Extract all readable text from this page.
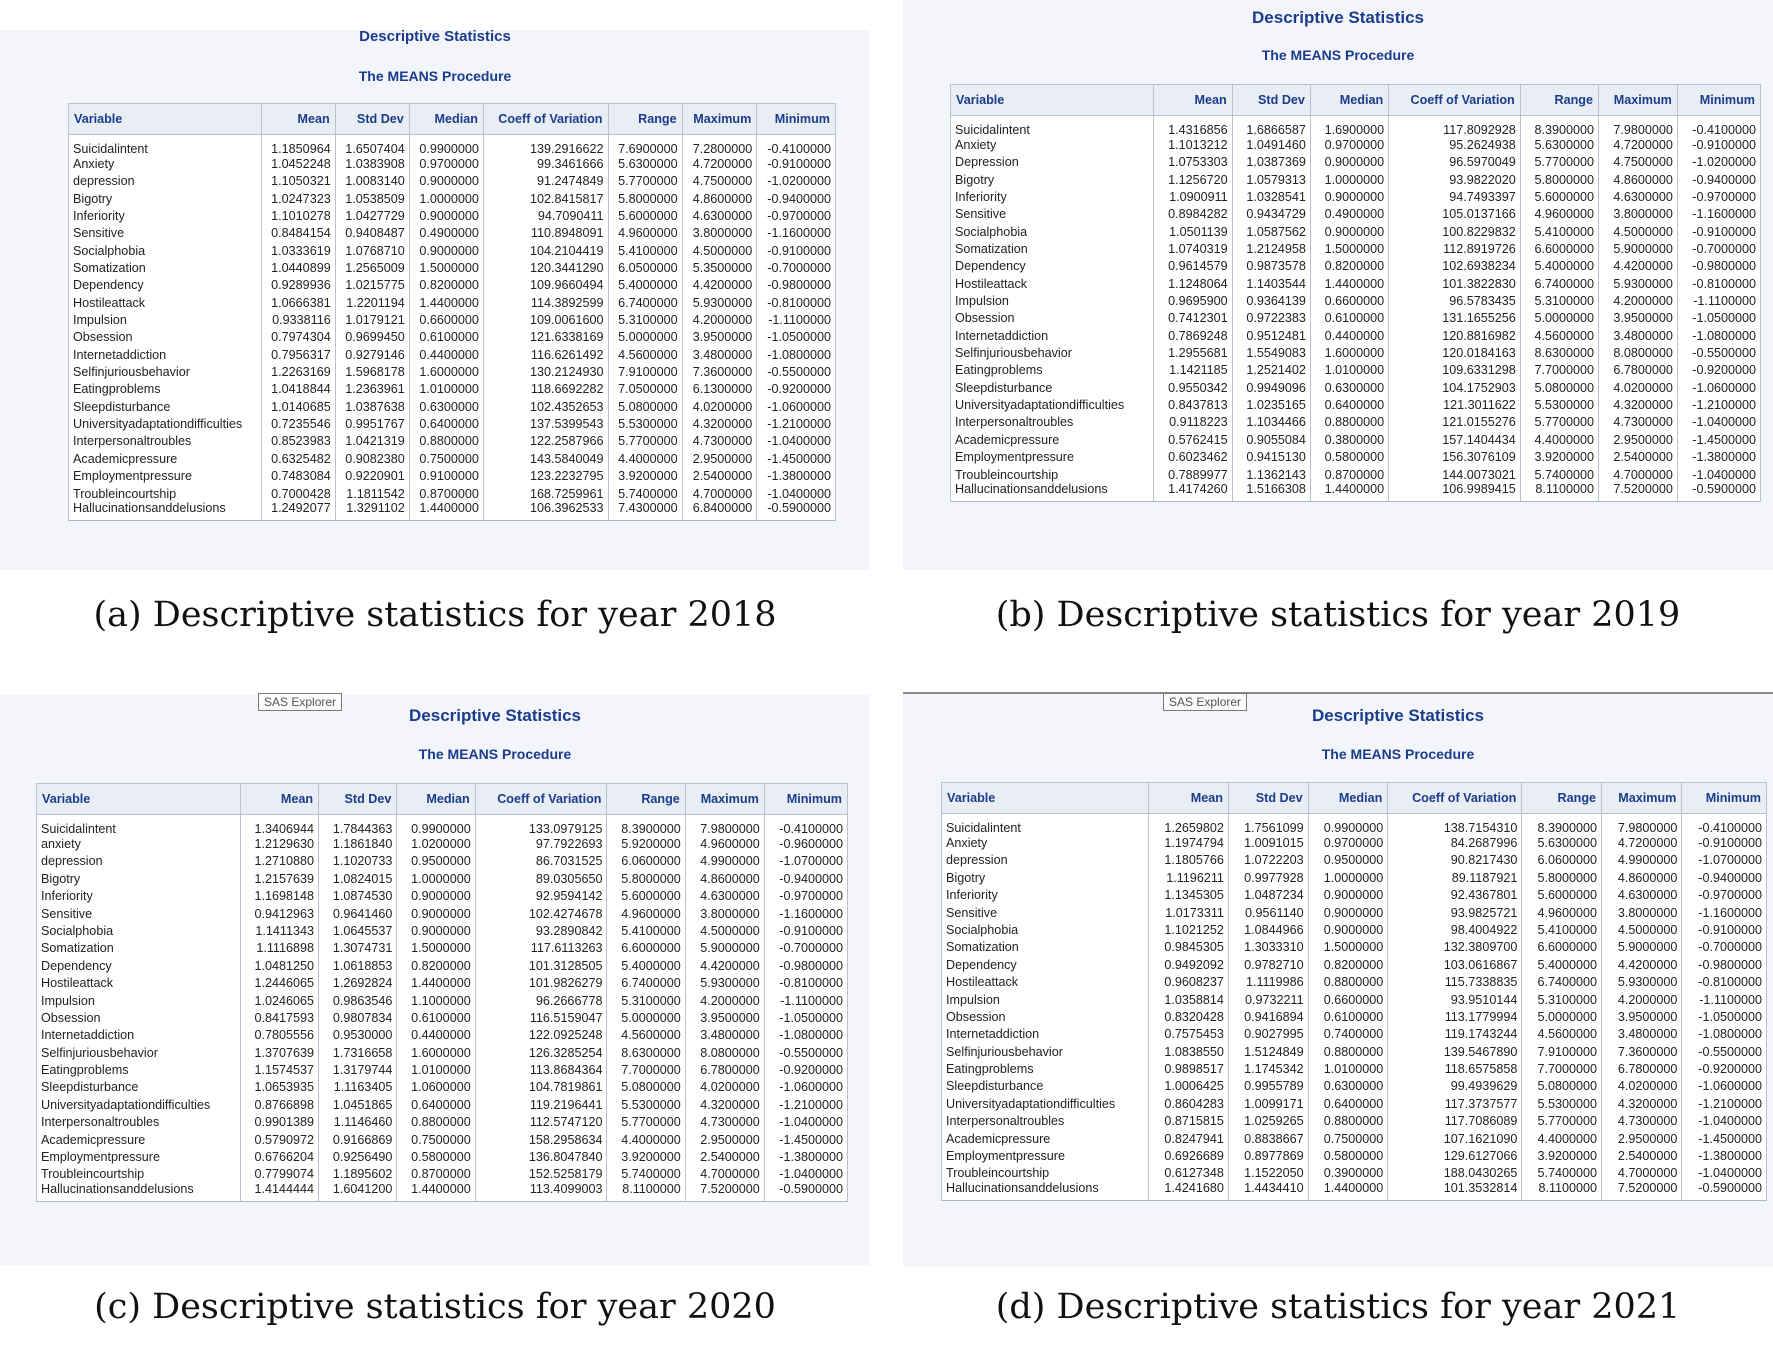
Descriptive Statistics
The MEANS Procedure
Variable	Mean	Std Dev	Median	Coeff of Variation	Range	Maximum	Minimum
Suicidalintent	1.1850964	1.6507404	0.9900000	139.2916622	7.6900000	7.2800000	-0.4100000
Anxiety	1.0452248	1.0383908	0.9700000	99.3461666	5.6300000	4.7200000	-0.9100000
depression	1.1050321	1.0083140	0.9000000	91.2474849	5.7700000	4.7500000	-1.0200000
Bigotry	1.0247323	1.0538509	1.0000000	102.8415817	5.8000000	4.8600000	-0.9400000
Inferiority	1.1010278	1.0427729	0.9000000	94.7090411	5.6000000	4.6300000	-0.9700000
Sensitive	0.8484154	0.9408487	0.4900000	110.8948091	4.9600000	3.8000000	-1.1600000
Socialphobia	1.0333619	1.0768710	0.9000000	104.2104419	5.4100000	4.5000000	-0.9100000
Somatization	1.0440899	1.2565009	1.5000000	120.3441290	6.0500000	5.3500000	-0.7000000
Dependency	0.9289936	1.0215775	0.8200000	109.9660494	5.4000000	4.4200000	-0.9800000
Hostileattack	1.0666381	1.2201194	1.4400000	114.3892599	6.7400000	5.9300000	-0.8100000
Impulsion	0.9338116	1.0179121	0.6600000	109.0061600	5.3100000	4.2000000	-1.1100000
Obsession	0.7974304	0.9699450	0.6100000	121.6338169	5.0000000	3.9500000	-1.0500000
Internetaddiction	0.7956317	0.9279146	0.4400000	116.6261492	4.5600000	3.4800000	-1.0800000
Selfinjuriousbehavior	1.2263169	1.5968178	1.6000000	130.2124930	7.9100000	7.3600000	-0.5500000
Eatingproblems	1.0418844	1.2363961	1.0100000	118.6692282	7.0500000	6.1300000	-0.9200000
Sleepdisturbance	1.0140685	1.0387638	0.6300000	102.4352653	5.0800000	4.0200000	-1.0600000
Universityadaptationdifficulties	0.7235546	0.9951767	0.6400000	137.5399543	5.5300000	4.3200000	-1.2100000
Interpersonaltroubles	0.8523983	1.0421319	0.8800000	122.2587966	5.7700000	4.7300000	-1.0400000
Academicpressure	0.6325482	0.9082380	0.7500000	143.5840049	4.4000000	2.9500000	-1.4500000
Employmentpressure	0.7483084	0.9220901	0.9100000	123.2232795	3.9200000	2.5400000	-1.3800000
Troubleincourtship	0.7000428	1.1811542	0.8700000	168.7259961	5.7400000	4.7000000	-1.0400000
Hallucinationsanddelusions	1.2492077	1.3291102	1.4400000	106.3962533	7.4300000	6.8400000	-0.5900000
(a) Descriptive statistics for year 2018
Descriptive Statistics
The MEANS Procedure
Variable	Mean	Std Dev	Median	Coeff of Variation	Range	Maximum	Minimum
Suicidalintent	1.4316856	1.6866587	1.6900000	117.8092928	8.3900000	7.9800000	-0.4100000
Anxiety	1.1013212	1.0491460	0.9700000	95.2624938	5.6300000	4.7200000	-0.9100000
Depression	1.0753303	1.0387369	0.9000000	96.5970049	5.7700000	4.7500000	-1.0200000
Bigotry	1.1256720	1.0579313	1.0000000	93.9822020	5.8000000	4.8600000	-0.9400000
Inferiority	1.0900911	1.0328541	0.9000000	94.7493397	5.6000000	4.6300000	-0.9700000
Sensitive	0.8984282	0.9434729	0.4900000	105.0137166	4.9600000	3.8000000	-1.1600000
Socialphobia	1.0501139	1.0587562	0.9000000	100.8229832	5.4100000	4.5000000	-0.9100000
Somatization	1.0740319	1.2124958	1.5000000	112.8919726	6.6000000	5.9000000	-0.7000000
Dependency	0.9614579	0.9873578	0.8200000	102.6938234	5.4000000	4.4200000	-0.9800000
Hostileattack	1.1248064	1.1403544	1.4400000	101.3822830	6.7400000	5.9300000	-0.8100000
Impulsion	0.9695900	0.9364139	0.6600000	96.5783435	5.3100000	4.2000000	-1.1100000
Obsession	0.7412301	0.9722383	0.6100000	131.1655256	5.0000000	3.9500000	-1.0500000
Internetaddiction	0.7869248	0.9512481	0.4400000	120.8816982	4.5600000	3.4800000	-1.0800000
Selfinjuriousbehavior	1.2955681	1.5549083	1.6000000	120.0184163	8.6300000	8.0800000	-0.5500000
Eatingproblems	1.1421185	1.2521402	1.0100000	109.6331298	7.7000000	6.7800000	-0.9200000
Sleepdisturbance	0.9550342	0.9949096	0.6300000	104.1752903	5.0800000	4.0200000	-1.0600000
Universityadaptationdifficulties	0.8437813	1.0235165	0.6400000	121.3011622	5.5300000	4.3200000	-1.2100000
Interpersonaltroubles	0.9118223	1.1034466	0.8800000	121.0155276	5.7700000	4.7300000	-1.0400000
Academicpressure	0.5762415	0.9055084	0.3800000	157.1404434	4.4000000	2.9500000	-1.4500000
Employmentpressure	0.6023462	0.9415130	0.5800000	156.3076109	3.9200000	2.5400000	-1.3800000
Troubleincourtship	0.7889977	1.1362143	0.8700000	144.0073021	5.7400000	4.7000000	-1.0400000
Hallucinationsanddelusions	1.4174260	1.5166308	1.4400000	106.9989415	8.1100000	7.5200000	-0.5900000
(b) Descriptive statistics for year 2019
SAS Explorer
Descriptive Statistics
The MEANS Procedure
Variable	Mean	Std Dev	Median	Coeff of Variation	Range	Maximum	Minimum
Suicidalintent	1.3406944	1.7844363	0.9900000	133.0979125	8.3900000	7.9800000	-0.4100000
anxiety	1.2129630	1.1861840	1.0200000	97.7922693	5.9200000	4.9600000	-0.9600000
depression	1.2710880	1.1020733	0.9500000	86.7031525	6.0600000	4.9900000	-1.0700000
Bigotry	1.2157639	1.0824015	1.0000000	89.0305650	5.8000000	4.8600000	-0.9400000
Inferiority	1.1698148	1.0874530	0.9000000	92.9594142	5.6000000	4.6300000	-0.9700000
Sensitive	0.9412963	0.9641460	0.9000000	102.4274678	4.9600000	3.8000000	-1.1600000
Socialphobia	1.1411343	1.0645537	0.9000000	93.2890842	5.4100000	4.5000000	-0.9100000
Somatization	1.1116898	1.3074731	1.5000000	117.6113263	6.6000000	5.9000000	-0.7000000
Dependency	1.0481250	1.0618853	0.8200000	101.3128505	5.4000000	4.4200000	-0.9800000
Hostileattack	1.2446065	1.2692824	1.4400000	101.9826279	6.7400000	5.9300000	-0.8100000
Impulsion	1.0246065	0.9863546	1.1000000	96.2666778	5.3100000	4.2000000	-1.1100000
Obsession	0.8417593	0.9807834	0.6100000	116.5159047	5.0000000	3.9500000	-1.0500000
Internetaddiction	0.7805556	0.9530000	0.4400000	122.0925248	4.5600000	3.4800000	-1.0800000
Selfinjuriousbehavior	1.3707639	1.7316658	1.6000000	126.3285254	8.6300000	8.0800000	-0.5500000
Eatingproblems	1.1574537	1.3179744	1.0100000	113.8684364	7.7000000	6.7800000	-0.9200000
Sleepdisturbance	1.0653935	1.1163405	1.0600000	104.7819861	5.0800000	4.0200000	-1.0600000
Universityadaptationdifficulties	0.8766898	1.0451865	0.6400000	119.2196441	5.5300000	4.3200000	-1.2100000
Interpersonaltroubles	0.9901389	1.1146460	0.8800000	112.5747120	5.7700000	4.7300000	-1.0400000
Academicpressure	0.5790972	0.9166869	0.7500000	158.2958634	4.4000000	2.9500000	-1.4500000
Employmentpressure	0.6766204	0.9256490	0.5800000	136.8047840	3.9200000	2.5400000	-1.3800000
Troubleincourtship	0.7799074	1.1895602	0.8700000	152.5258179	5.7400000	4.7000000	-1.0400000
Hallucinationsanddelusions	1.4144444	1.6041200	1.4400000	113.4099003	8.1100000	7.5200000	-0.5900000
(c) Descriptive statistics for year 2020
SAS Explorer
Descriptive Statistics
The MEANS Procedure
Variable	Mean	Std Dev	Median	Coeff of Variation	Range	Maximum	Minimum
Suicidalintent	1.2659802	1.7561099	0.9900000	138.7154310	8.3900000	7.9800000	-0.4100000
Anxiety	1.1974794	1.0091015	0.9700000	84.2687996	5.6300000	4.7200000	-0.9100000
depression	1.1805766	1.0722203	0.9500000	90.8217430	6.0600000	4.9900000	-1.0700000
Bigotry	1.1196211	0.9977928	1.0000000	89.1187921	5.8000000	4.8600000	-0.9400000
Inferiority	1.1345305	1.0487234	0.9000000	92.4367801	5.6000000	4.6300000	-0.9700000
Sensitive	1.0173311	0.9561140	0.9000000	93.9825721	4.9600000	3.8000000	-1.1600000
Socialphobia	1.1021252	1.0844966	0.9000000	98.4004922	5.4100000	4.5000000	-0.9100000
Somatization	0.9845305	1.3033310	1.5000000	132.3809700	6.6000000	5.9000000	-0.7000000
Dependency	0.9492092	0.9782710	0.8200000	103.0616867	5.4000000	4.4200000	-0.9800000
Hostileattack	0.9608237	1.1119986	0.8800000	115.7338835	6.7400000	5.9300000	-0.8100000
Impulsion	1.0358814	0.9732211	0.6600000	93.9510144	5.3100000	4.2000000	-1.1100000
Obsession	0.8320428	0.9416894	0.6100000	113.1779994	5.0000000	3.9500000	-1.0500000
Internetaddiction	0.7575453	0.9027995	0.7400000	119.1743244	4.5600000	3.4800000	-1.0800000
Selfinjuriousbehavior	1.0838550	1.5124849	0.8800000	139.5467890	7.9100000	7.3600000	-0.5500000
Eatingproblems	0.9898517	1.1745342	1.0100000	118.6575858	7.7000000	6.7800000	-0.9200000
Sleepdisturbance	1.0006425	0.9955789	0.6300000	99.4939629	5.0800000	4.0200000	-1.0600000
Universityadaptationdifficulties	0.8604283	1.0099171	0.6400000	117.3737577	5.5300000	4.3200000	-1.2100000
Interpersonaltroubles	0.8715815	1.0259265	0.8800000	117.7086089	5.7700000	4.7300000	-1.0400000
Academicpressure	0.8247941	0.8838667	0.7500000	107.1621090	4.4000000	2.9500000	-1.4500000
Employmentpressure	0.6926689	0.8977869	0.5800000	129.6127066	3.9200000	2.5400000	-1.3800000
Troubleincourtship	0.6127348	1.1522050	0.3900000	188.0430265	5.7400000	4.7000000	-1.0400000
Hallucinationsanddelusions	1.4241680	1.4434410	1.4400000	101.3532814	8.1100000	7.5200000	-0.5900000
(d) Descriptive statistics for year 2021
